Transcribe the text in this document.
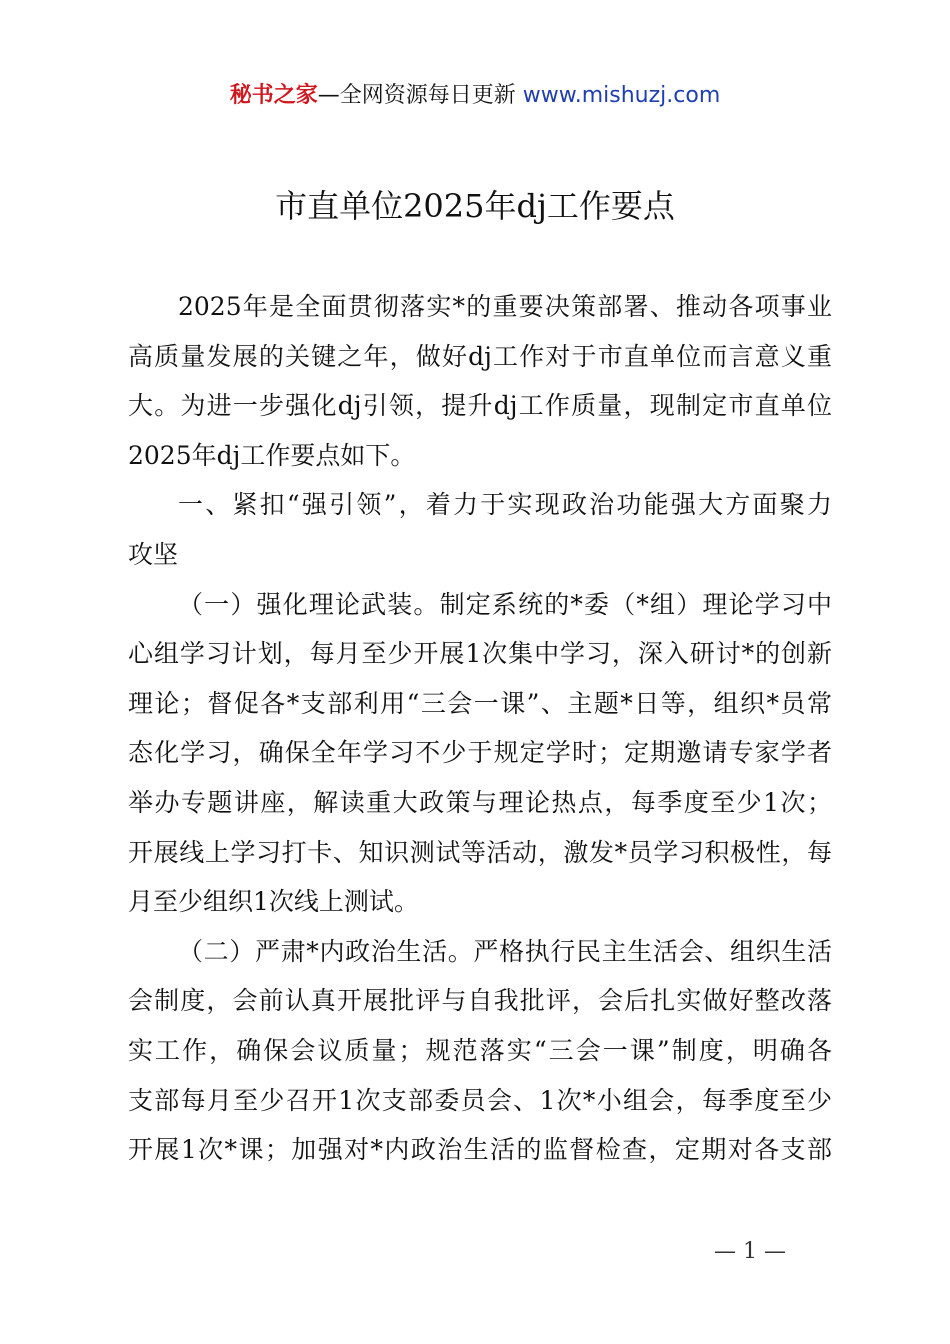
秘书之家—全网资源每日更新 www.mishuzj.com
市直单位2025年dj工作要点

2025年是全面贯彻落实*的重要决策部署、推动各项事业
高质量发展的关键之年，做好dj工作对于市直单位而言意义重
大。为进一步强化dj引领，提升dj工作质量，现制定市直单位
2025年dj工作要点如下。

一、紧扣“强引领”，着力于实现政治功能强大方面聚力
攻坚

（一）强化理论武装。制定系统的*委（*组）理论学习中
心组学习计划，每月至少开展1次集中学习，深入研讨*的创新
理论；督促各*支部利用“三会一课”、主题*日等，组织*员常
态化学习，确保全年学习不少于规定学时；定期邀请专家学者
举办专题讲座，解读重大政策与理论热点，每季度至少1次；
开展线上学习打卡、知识测试等活动，激发*员学习积极性，每
月至少组织1次线上测试。

（二）严肃*内政治生活。严格执行民主生活会、组织生活
会制度，会前认真开展批评与自我批评，会后扎实做好整改落
实工作，确保会议质量；规范落实“三会一课”制度，明确各
支部每月至少召开1次支部委员会、1次*小组会，每季度至少
开展1次*课；加强对*内政治生活的监督检查，定期对各支部

— 1 —
